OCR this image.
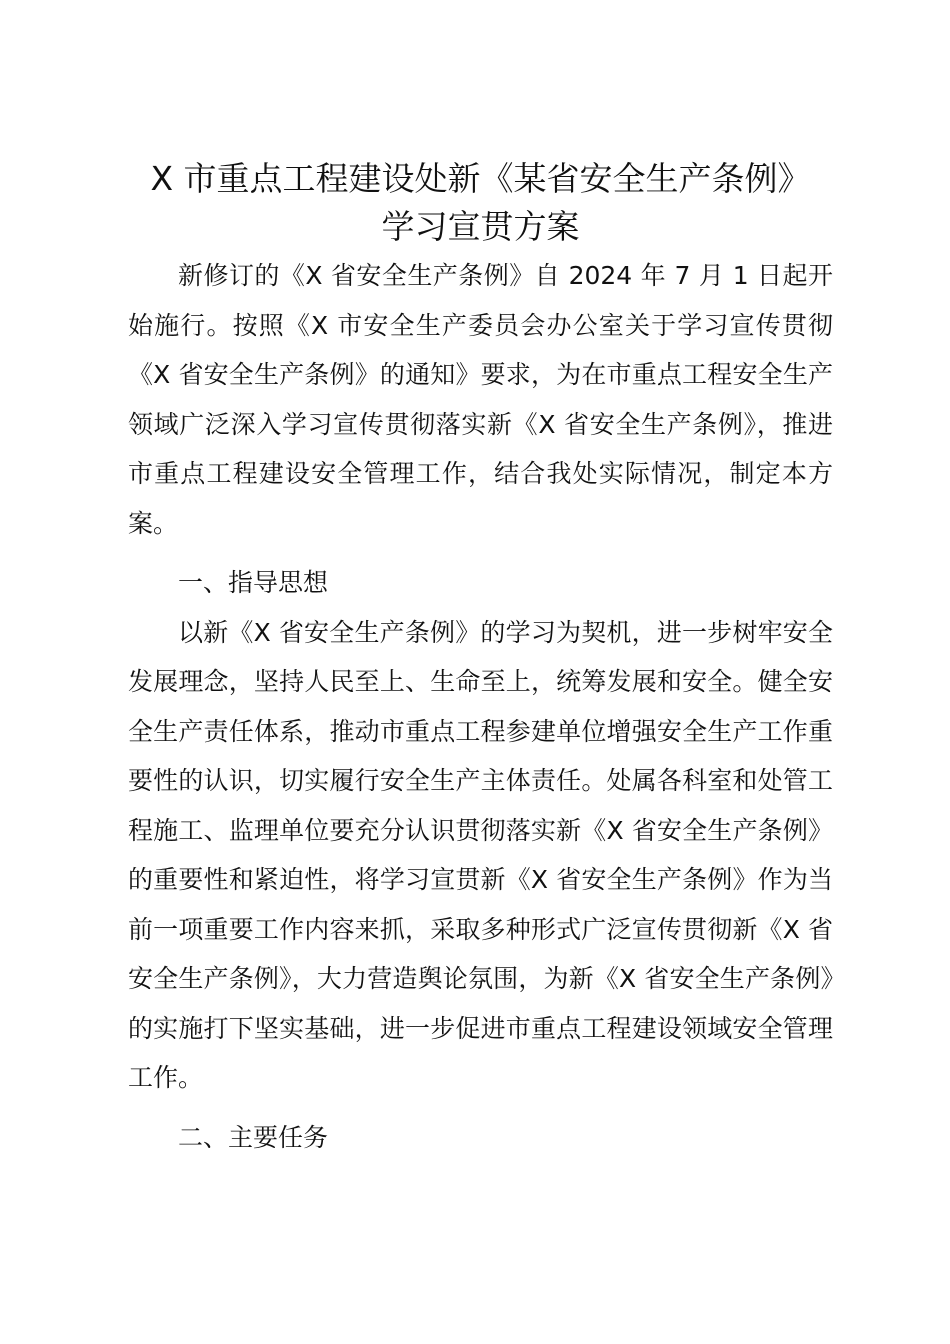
X 市重点工程建设处新《某省安全生产条例》
学习宣贯方案

新修订的《X 省安全生产条例》自 2024 年 7 月 1 日起开始施行。按照《X 市安全生产委员会办公室关于学习宣传贯彻《X 省安全生产条例》的通知》要求，为在市重点工程安全生产领域广泛深入学习宣传贯彻落实新《X 省安全生产条例》，推进市重点工程建设安全管理工作，结合我处实际情况，制定本方案。

一、指导思想

以新《X 省安全生产条例》的学习为契机，进一步树牢安全发展理念，坚持人民至上、生命至上，统筹发展和安全。健全安全生产责任体系，推动市重点工程参建单位增强安全生产工作重要性的认识，切实履行安全生产主体责任。处属各科室和处管工程施工、监理单位要充分认识贯彻落实新《X 省安全生产条例》的重要性和紧迫性，将学习宣贯新《X 省安全生产条例》作为当前一项重要工作内容来抓，采取多种形式广泛宣传贯彻新《X 省安全生产条例》，大力营造舆论氛围，为新《X 省安全生产条例》的实施打下坚实基础，进一步促进市重点工程建设领域安全管理工作。

二、主要任务
